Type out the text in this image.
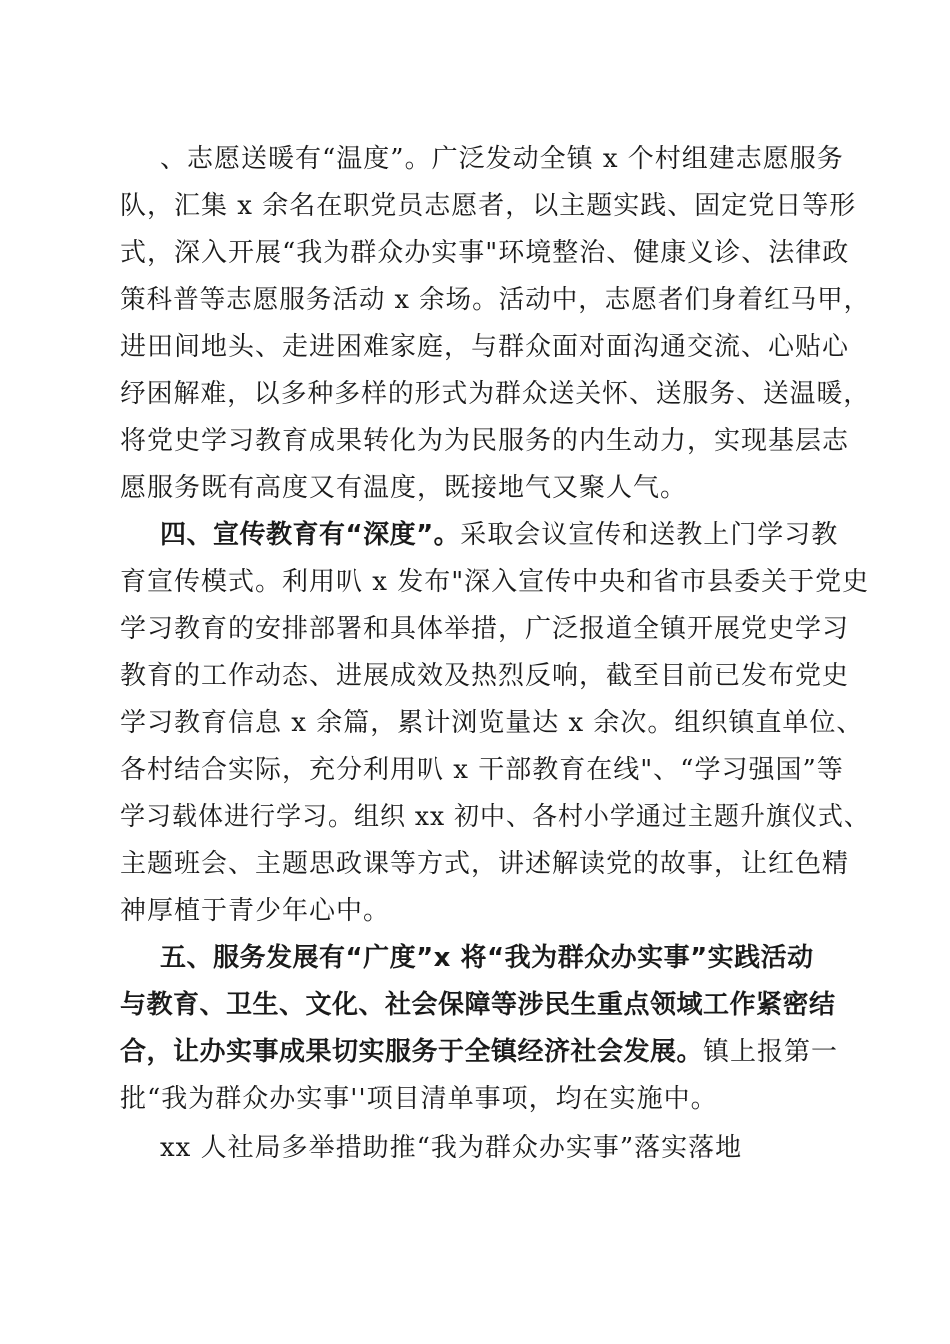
、志愿送暖有“温度”。广泛发动全镇 x 个村组建志愿服务
队，汇集 x 余名在职党员志愿者，以主题实践、固定党日等形
式，深入开展“我为群众办实事"环境整治、健康义诊、法律政
策科普等志愿服务活动 x 余场。活动中，志愿者们身着红马甲，
进田间地头、走进困难家庭，与群众面对面沟通交流、心贴心
纾困解难，以多种多样的形式为群众送关怀、送服务、送温暖，
将党史学习教育成果转化为为民服务的内生动力，实现基层志
愿服务既有高度又有温度，既接地气又聚人气。
四、宣传教育有“深度”。采取会议宣传和送教上门学习教
育宣传模式。利用叭 x 发布"深入宣传中央和省市县委关于党史
学习教育的安排部署和具体举措，广泛报道全镇开展党史学习
教育的工作动态、进展成效及热烈反响，截至目前已发布党史
学习教育信息 x 余篇，累计浏览量达 x 余次。组织镇直单位、
各村结合实际，充分利用叭 x 干部教育在线"、“学习强国”等
学习载体进行学习。组织 xx 初中、各村小学通过主题升旗仪式、
主题班会、主题思政课等方式，讲述解读党的故事，让红色精
神厚植于青少年心中。
五、服务发展有“广度”x 将“我为群众办实事”实践活动
与教育、卫生、文化、社会保障等涉民生重点领域工作紧密结
合，让办实事成果切实服务于全镇经济社会发展。镇上报第一
批“我为群众办实事''项目清单事项，均在实施中。
xx 人社局多举措助推“我为群众办实事”落实落地
